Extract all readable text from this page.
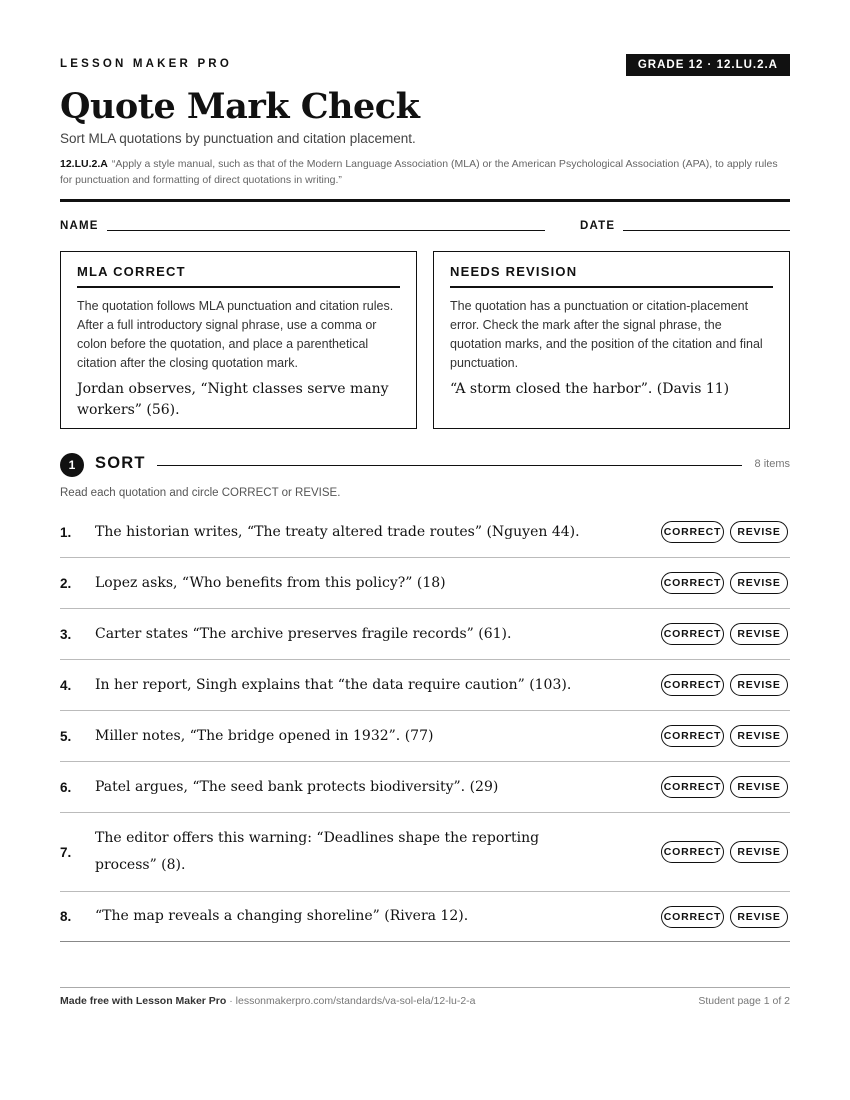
LESSON MAKER PRO	GRADE 12 · 12.LU.2.A
Quote Mark Check
Sort MLA quotations by punctuation and citation placement.
12.LU.2.A “Apply a style manual, such as that of the Modern Language Association (MLA) or the American Psychological Association (APA), to apply rules for punctuation and formatting of direct quotations in writing.”
NAME	DATE
MLA CORRECT

The quotation follows MLA punctuation and citation rules. After a full introductory signal phrase, use a comma or colon before the quotation, and place a parenthetical citation after the closing quotation mark.

Jordan observes, “Night classes serve many workers” (56).

NEEDS REVISION

The quotation has a punctuation or citation-placement error. Check the mark after the signal phrase, the quotation marks, and the position of the citation and final punctuation.

“A storm closed the harbor”. (Davis 11)

1	SORT	8 items
Read each quotation and circle CORRECT or REVISE.
1. The historian writes, “The treaty altered trade routes” (Nguyen 44).	CORRECT	REVISE
2. Lopez asks, “Who benefits from this policy?” (18)	CORRECT	REVISE
3. Carter states “The archive preserves fragile records” (61).	CORRECT	REVISE
4. In her report, Singh explains that “the data require caution” (103).	CORRECT	REVISE
5. Miller notes, “The bridge opened in 1932”. (77)	CORRECT	REVISE
6. Patel argues, “The seed bank protects biodiversity”. (29)	CORRECT	REVISE
7.
The editor offers this warning: “Deadlines shape the reporting process” (8).
CORRECT	REVISE
8. “The map reveals a changing shoreline” (Rivera 12).	CORRECT	REVISE
Made free with Lesson Maker Pro · lessonmakerpro.com/standards/va-sol-ela/12-lu-2-a	Student page 1 of 2
